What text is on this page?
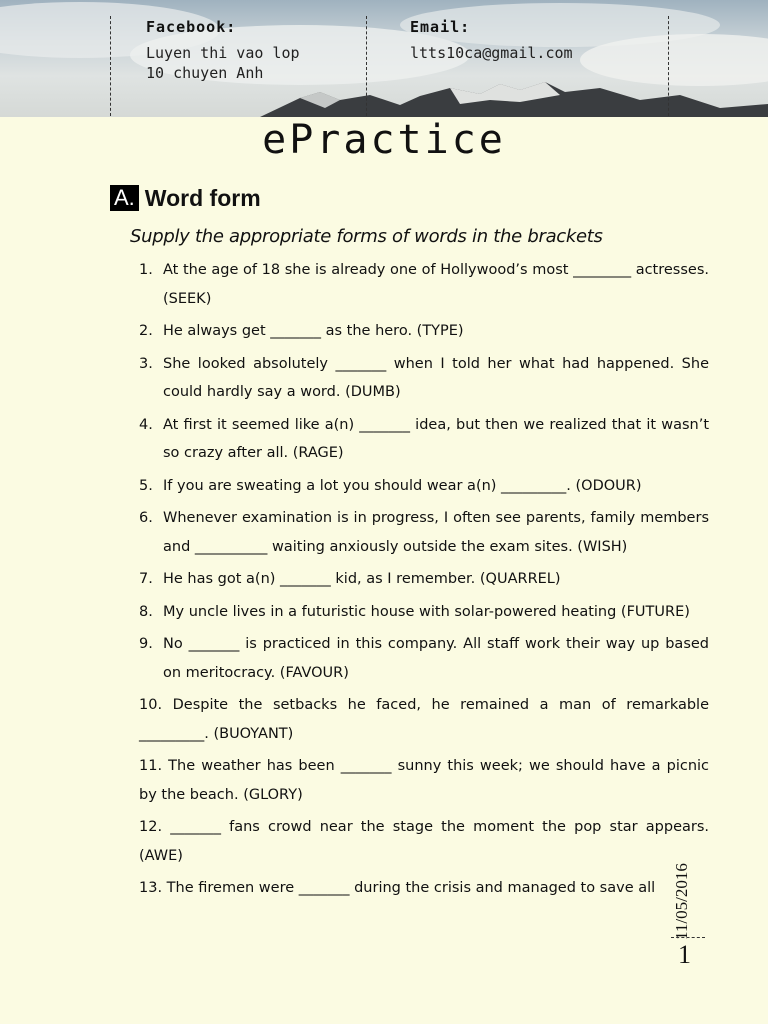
Facebook:
Luyen thi vao lop
10 chuyen Anh
Email:
ltts10ca@gmail.com
ePractice
A. Word form
Supply the appropriate forms of words in the brackets
1. At the age of 18 she is already one of Hollywood’s most ________ actresses. (SEEK)
2. He always get _______ as the hero. (TYPE)
3. She looked absolutely _______ when I told her what had happened. She could hardly say a word. (DUMB)
4. At first it seemed like a(n) _______ idea, but then we realized that it wasn’t so crazy after all. (RAGE)
5. If you are sweating a lot you should wear a(n) _________. (ODOUR)
6. Whenever examination is in progress, I often see parents, family members and __________ waiting anxiously outside the exam sites. (WISH)
7. He has got a(n) _______ kid, as I remember. (QUARREL)
8. My uncle lives in a futuristic house with solar-powered heating (FUTURE)
9. No _______ is practiced in this company. All staff work their way up based on meritocracy. (FAVOUR)
10. Despite the setbacks he faced, he remained a man of remarkable _________. (BUOYANT)
11. The weather has been _______ sunny this week; we should have a picnic by the beach. (GLORY)
12. _______ fans crowd near the stage the moment the pop star appears. (AWE)
13. The firemen were _______ during the crisis and managed to save all 11/05/2016
1
